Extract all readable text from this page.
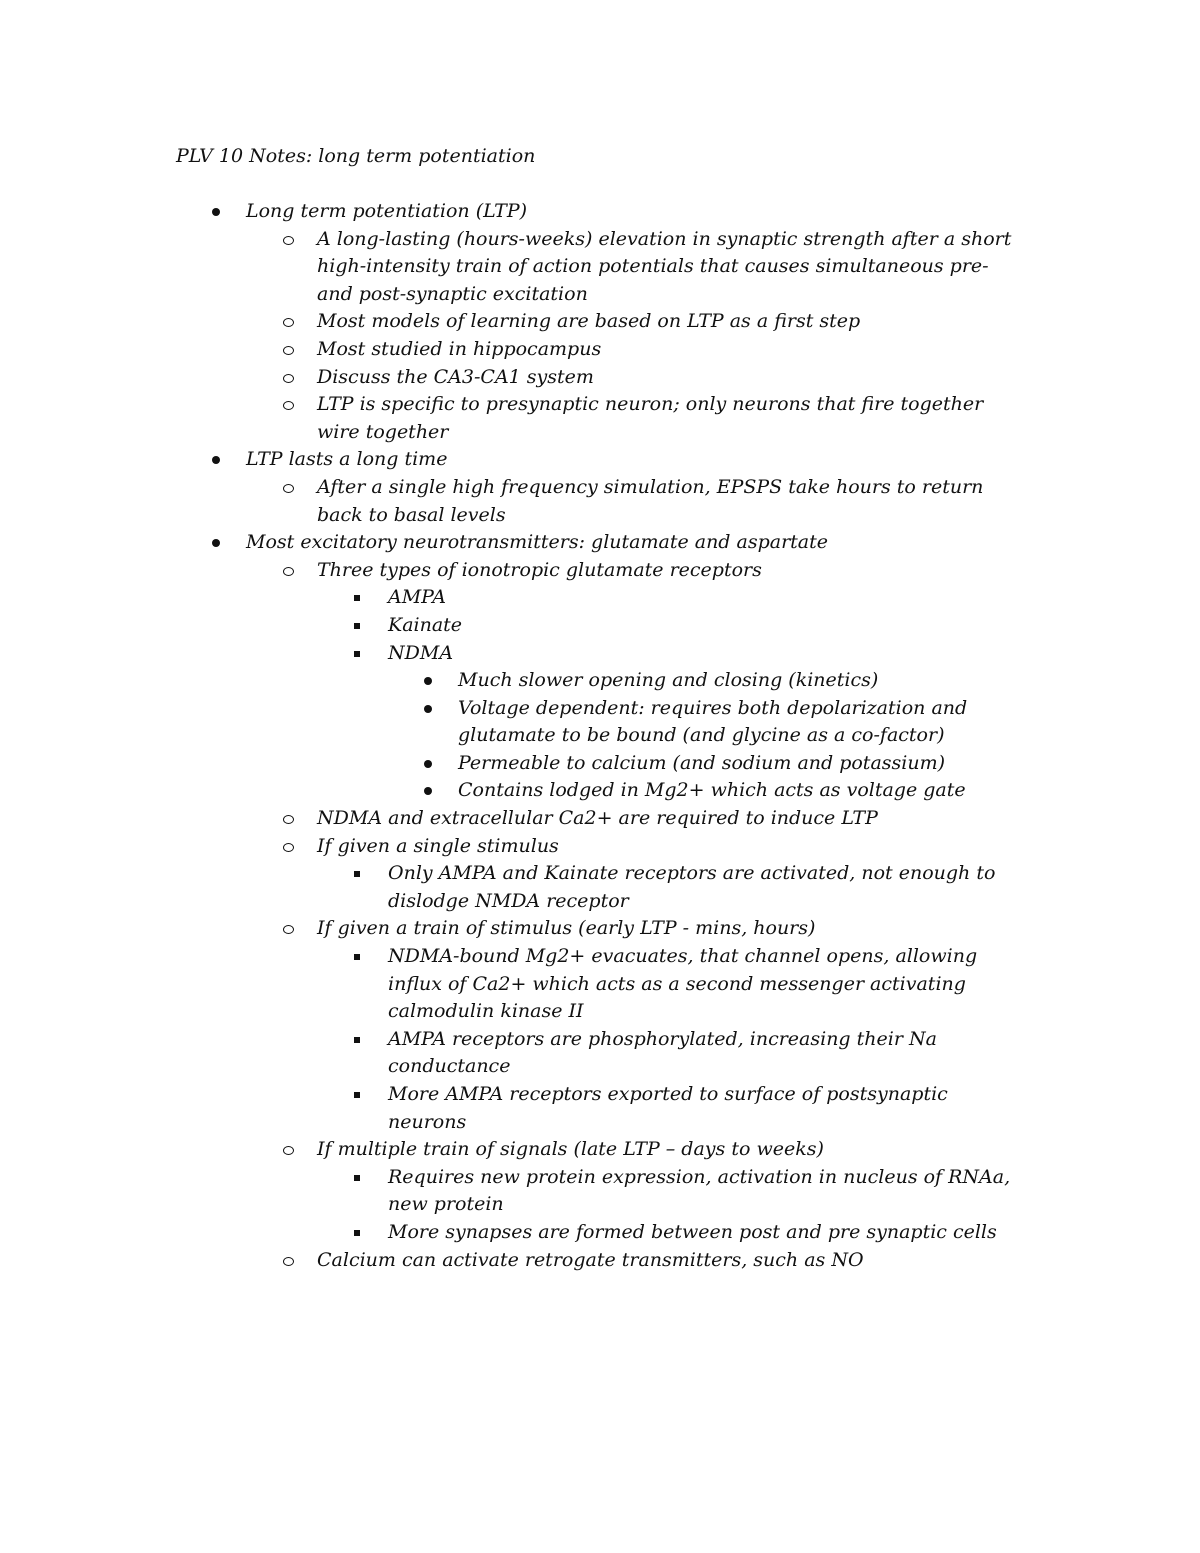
PLV 10 Notes: long term potentiation
Long term potentiation (LTP)
A long-lasting (hours-weeks) elevation in synaptic strength after a short
high-intensity train of action potentials that causes simultaneous pre-
and post-synaptic excitation
Most models of learning are based on LTP as a first step
Most studied in hippocampus
Discuss the CA3-CA1 system
LTP is specific to presynaptic neuron; only neurons that fire together
wire together
LTP lasts a long time
After a single high frequency simulation, EPSPS take hours to return
back to basal levels
Most excitatory neurotransmitters: glutamate and aspartate
Three types of ionotropic glutamate receptors
AMPA
Kainate
NDMA
Much slower opening and closing (kinetics)
Voltage dependent: requires both depolarization and
glutamate to be bound (and glycine as a co-factor)
Permeable to calcium (and sodium and potassium)
Contains lodged in Mg2+ which acts as voltage gate
NDMA and extracellular Ca2+ are required to induce LTP
If given a single stimulus
Only AMPA and Kainate receptors are activated, not enough to
dislodge NMDA receptor
If given a train of stimulus (early LTP - mins, hours)
NDMA-bound Mg2+ evacuates, that channel opens, allowing
influx of Ca2+ which acts as a second messenger activating
calmodulin kinase II
AMPA receptors are phosphorylated, increasing their Na
conductance
More AMPA receptors exported to surface of postsynaptic
neurons
If multiple train of signals (late LTP – days to weeks)
Requires new protein expression, activation in nucleus of RNAa,
new protein
More synapses are formed between post and pre synaptic cells
Calcium can activate retrogate transmitters, such as NO
